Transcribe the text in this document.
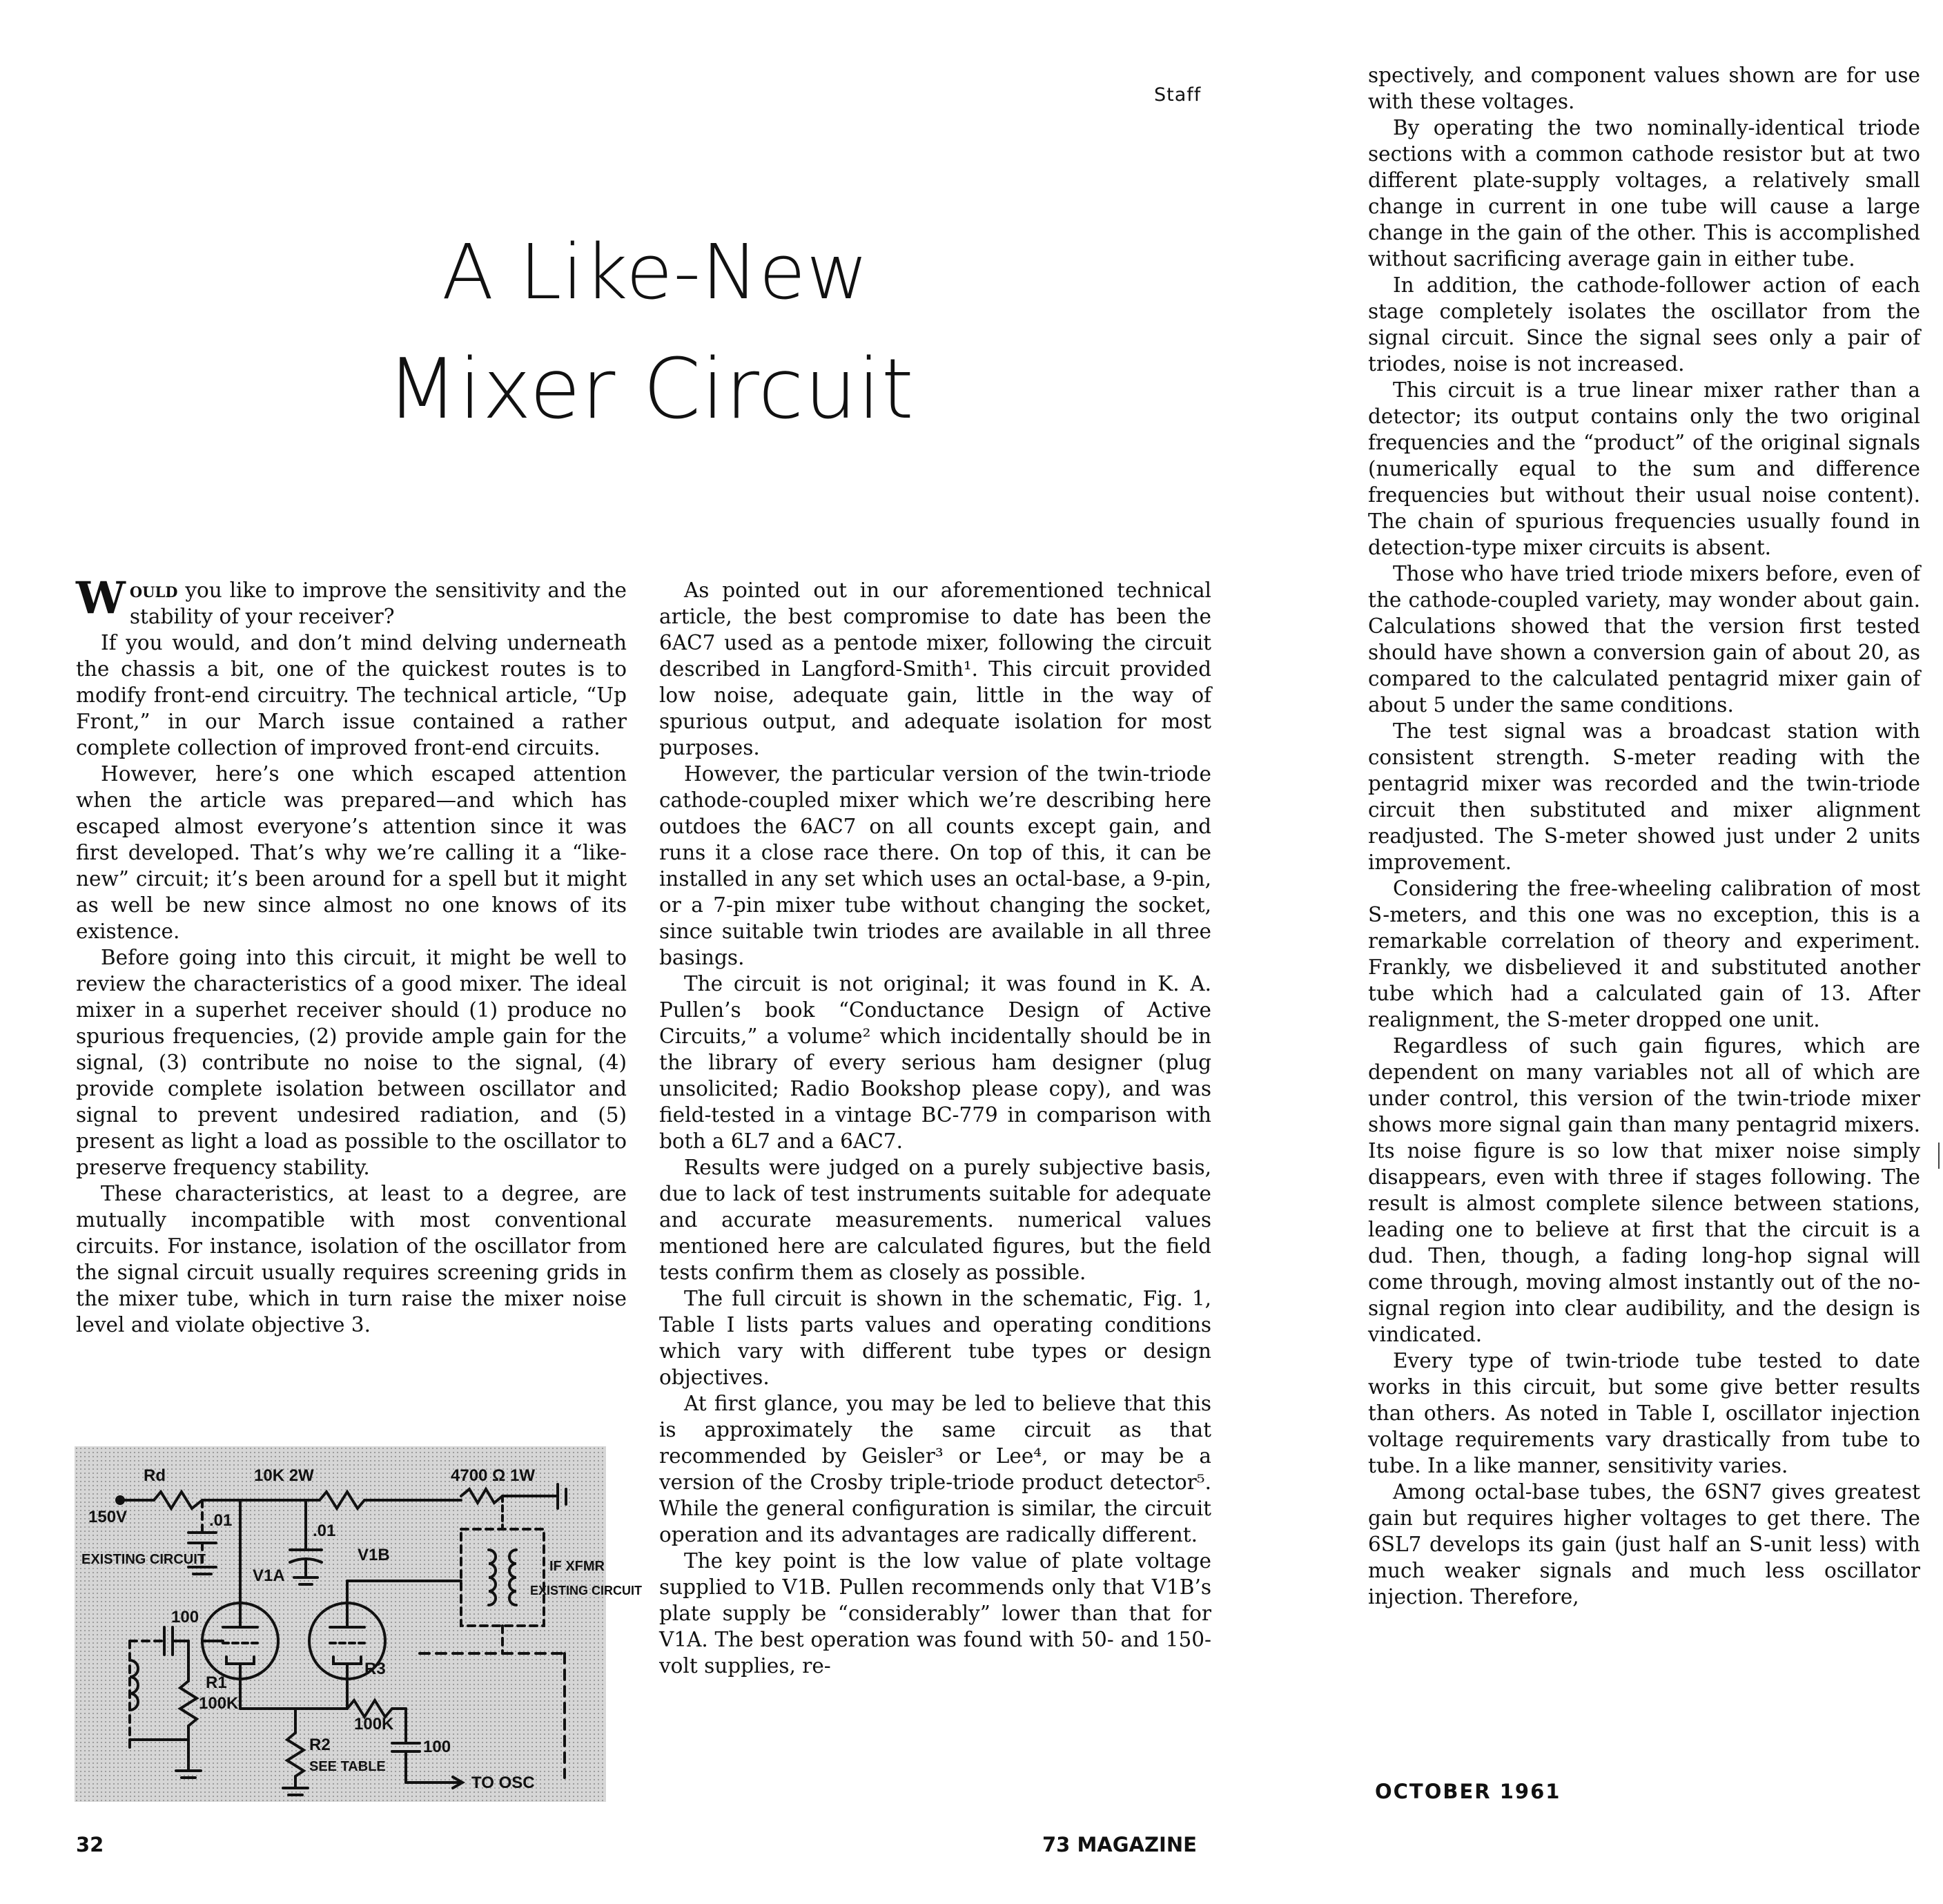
Staff
A Like-New
Mixer Circuit

Would you like to improve the sensitivity and the stability of your receiver?

If you would, and don’t mind delving underneath the chassis a bit, one of the quickest routes is to modify front-end circuitry. The technical article, “Up Front,” in our March issue contained a rather complete collection of improved front-end circuits.

However, here’s one which escaped attention when the article was prepared—and which has escaped almost everyone’s attention since it was first developed. That’s why we’re calling it a “like-new” circuit; it’s been around for a spell but it might as well be new since almost no one knows of its existence.

Before going into this circuit, it might be well to review the characteristics of a good mixer. The ideal mixer in a superhet receiver should (1) produce no spurious frequencies, (2) provide ample gain for the signal, (3) contribute no noise to the signal, (4) provide complete isolation between oscillator and signal to prevent undesired radiation, and (5) present as light a load as possible to the oscillator to preserve frequency stability.

These characteristics, at least to a degree, are mutually incompatible with most conventional circuits. For instance, isolation of the oscillator from the signal circuit usually requires screening grids in the mixer tube, which in turn raise the mixer noise level and violate objective 3.

Rd
150V
10K 2W
.01
.01
4700 Ω 1W
EXISTING CIRCUIT
V1A
V1B
IF XFMR
EXISTING CIRCUIT
100
R1
100K
R3
100K
R2
SEE TABLE
100
TO OSC

As pointed out in our aforementioned technical article, the best compromise to date has been the 6AC7 used as a pentode mixer, following the circuit described in Langford-Smith¹. This circuit provided low noise, adequate gain, little in the way of spurious output, and adequate isolation for most purposes.

However, the particular version of the twin-triode cathode-coupled mixer which we’re describing here outdoes the 6AC7 on all counts except gain, and runs it a close race there. On top of this, it can be installed in any set which uses an octal-base, a 9-pin, or a 7-pin mixer tube without changing the socket, since suitable twin triodes are available in all three basings.

The circuit is not original; it was found in K. A. Pullen’s book “Conductance Design of Active Circuits,” a volume² which incidentally should be in the library of every serious ham designer (plug unsolicited; Radio Bookshop please copy), and was field-tested in a vintage BC-779 in comparison with both a 6L7 and a 6AC7.

Results were judged on a purely subjective basis, due to lack of test instruments suitable for adequate and accurate measurements. numerical values mentioned here are calculated figures, but the field tests confirm them as closely as possible.

The full circuit is shown in the schematic, Fig. 1, Table I lists parts values and operating conditions which vary with different tube types or design objectives.

At first glance, you may be led to believe that this is approximately the same circuit as that recommended by Geisler³ or Lee⁴, or may be a version of the Crosby triple-triode product detector⁵. While the general configuration is similar, the circuit operation and its advantages are radically different.

The key point is the low value of plate voltage supplied to V1B. Pullen recommends only that V1B’s plate supply be “considerably” lower than that for V1A. The best operation was found with 50- and 150-volt supplies, re-

spectively, and component values shown are for use with these voltages.

By operating the two nominally-identical triode sections with a common cathode resistor but at two different plate-supply voltages, a relatively small change in current in one tube will cause a large change in the gain of the other. This is accomplished without sacrificing average gain in either tube.

In addition, the cathode-follower action of each stage completely isolates the oscillator from the signal circuit. Since the signal sees only a pair of triodes, noise is not increased.

This circuit is a true linear mixer rather than a detector; its output contains only the two original frequencies and the “product” of the original signals (numerically equal to the sum and difference frequencies but without their usual noise content). The chain of spurious frequencies usually found in detection-type mixer circuits is absent.

Those who have tried triode mixers before, even of the cathode-coupled variety, may wonder about gain. Calculations showed that the version first tested should have shown a conversion gain of about 20, as compared to the calculated pentagrid mixer gain of about 5 under the same conditions.

The test signal was a broadcast station with consistent strength. S-meter reading with the pentagrid mixer was recorded and the twin-triode circuit then substituted and mixer alignment readjusted. The S-meter showed just under 2 units improvement.

Considering the free-wheeling calibration of most S-meters, and this one was no exception, this is a remarkable correlation of theory and experiment. Frankly, we disbelieved it and substituted another tube which had a calculated gain of 13. After realignment, the S-meter dropped one unit.

Regardless of such gain figures, which are dependent on many variables not all of which are under control, this version of the twin-triode mixer shows more signal gain than many pentagrid mixers. Its noise figure is so low that mixer noise simply disappears, even with three if stages following. The result is almost complete silence between stations, leading one to believe at first that the circuit is a dud. Then, though, a fading long-hop signal will come through, moving almost instantly out of the no-signal region into clear audibility, and the design is vindicated.

Every type of twin-triode tube tested to date works in this circuit, but some give better results than others. As noted in Table I, oscillator injection voltage requirements vary drastically from tube to tube. In a like manner, sensitivity varies.

Among octal-base tubes, the 6SN7 gives greatest gain but requires higher voltages to get there. The 6SL7 develops its gain (just half an S-unit less) with much weaker signals and much less oscillator injection. Therefore,

32	73 MAGAZINE
OCTOBER 1961
